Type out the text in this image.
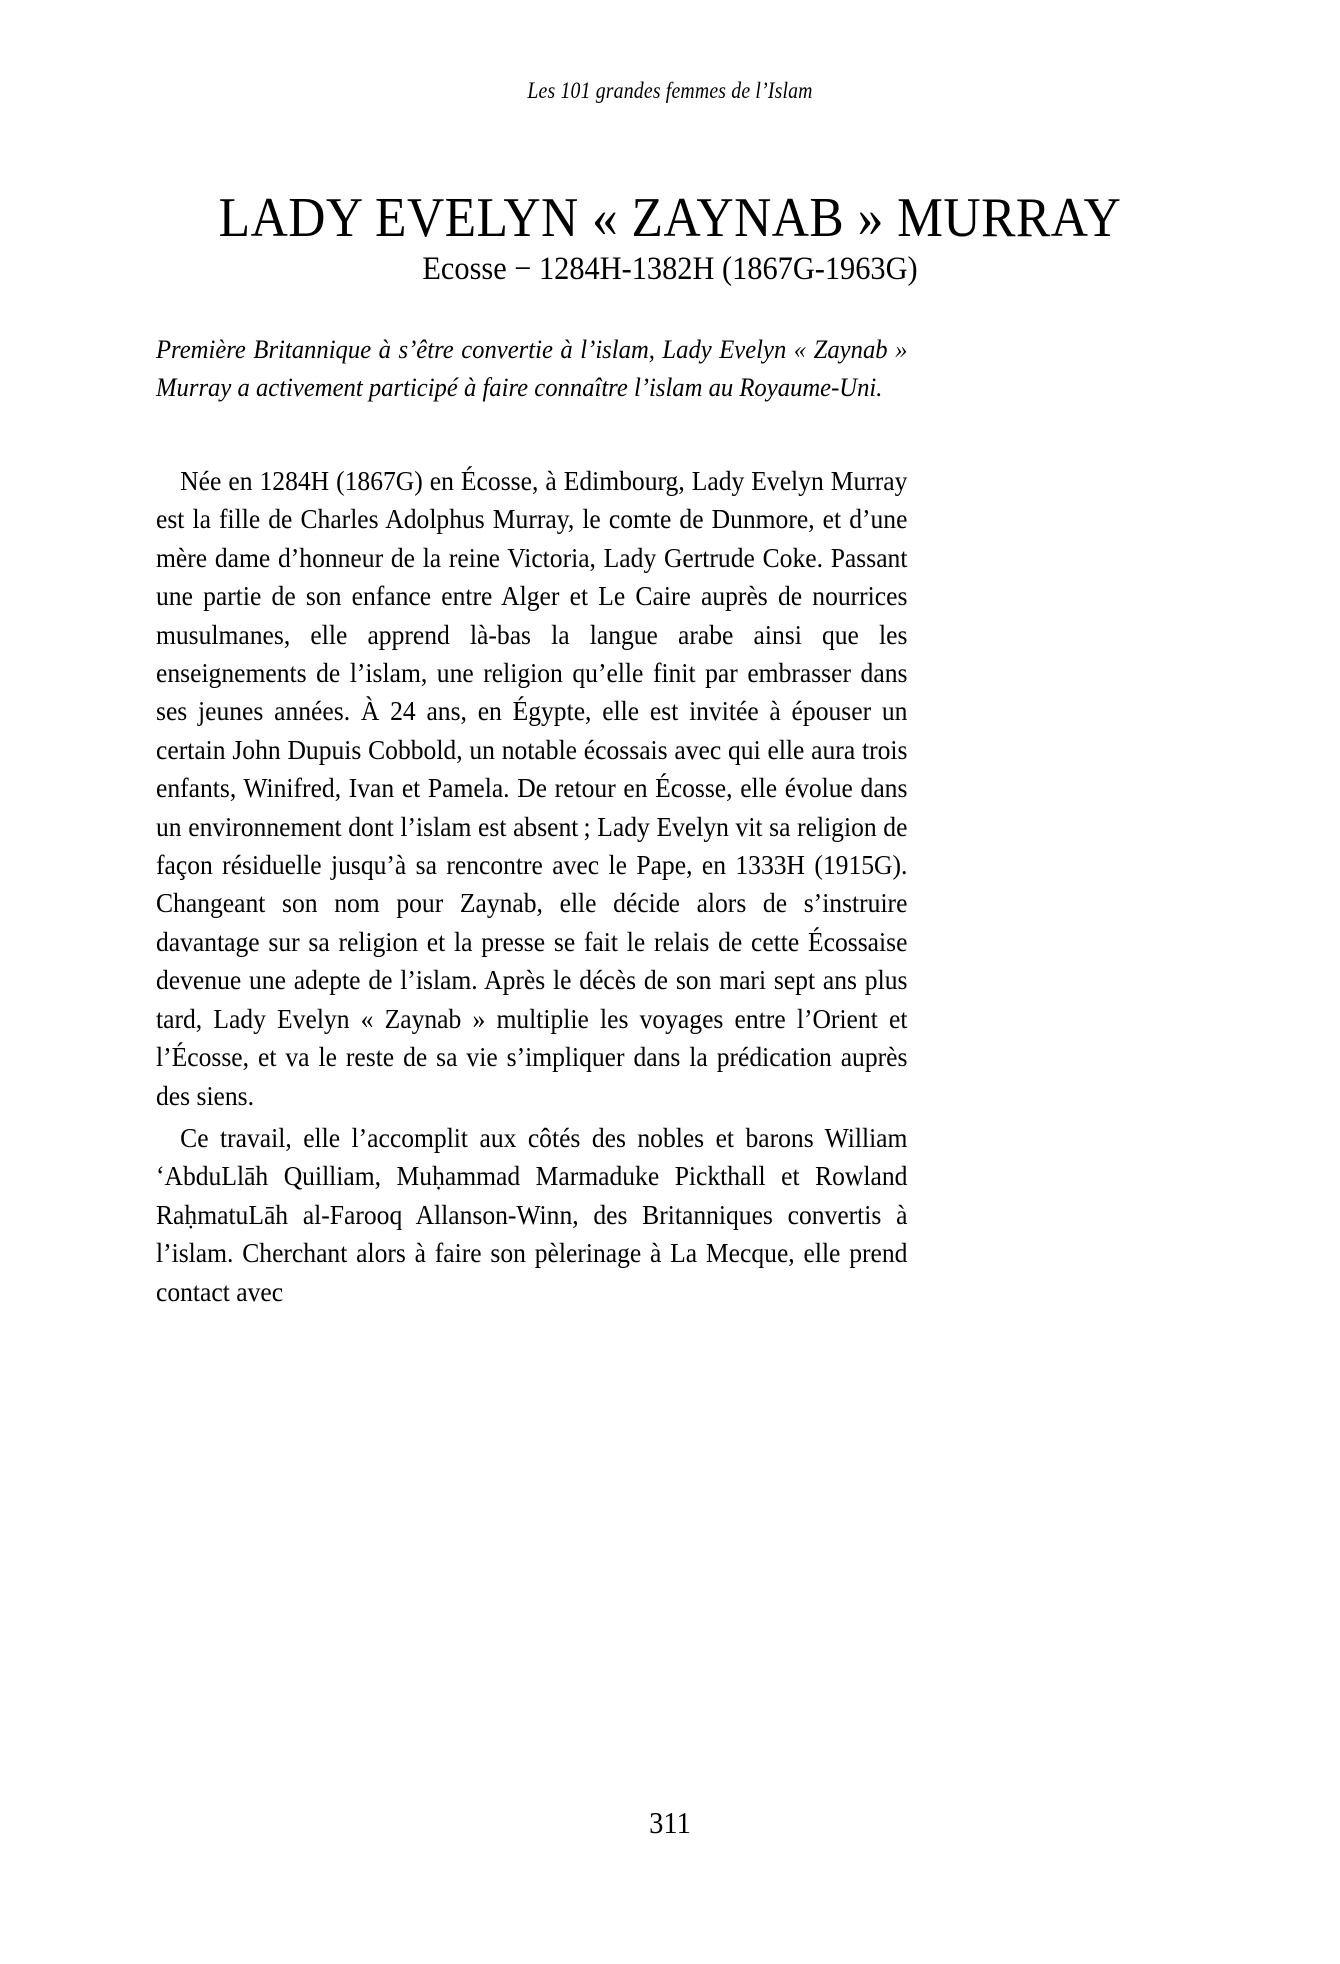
Les 101 grandes femmes de l’Islam
LADY EVELYN « ZAYNAB » MURRAY
Ecosse − 1284H-1382H (1867G-1963G)

Première Britannique à s’être convertie à l’islam, Lady Evelyn « Zaynab » Murray a activement participé à faire connaître l’islam au Royaume-Uni.

Née en 1284H (1867G) en Écosse, à Edimbourg, Lady Evelyn Murray est la fille de Charles Adolphus Murray, le comte de Dunmore, et d’une mère dame d’honneur de la reine Victoria, Lady Gertrude Coke. Passant une partie de son enfance entre Alger et Le Caire auprès de nourrices musulmanes, elle apprend là-bas la langue arabe ainsi que les enseignements de l’islam, une religion qu’elle finit par embrasser dans ses jeunes années. À 24 ans, en Égypte, elle est invitée à épouser un certain John Dupuis Cobbold, un notable écossais avec qui elle aura trois enfants, Winifred, Ivan et Pamela. De retour en Écosse, elle évolue dans un environnement dont l’islam est absent ; Lady Evelyn vit sa religion de façon résiduelle jusqu’à sa rencontre avec le Pape, en 1333H (1915G). Changeant son nom pour Zaynab, elle décide alors de s’instruire davantage sur sa religion et la presse se fait le relais de cette Écossaise devenue une adepte de l’islam. Après le décès de son mari sept ans plus tard, Lady Evelyn « Zaynab » multiplie les voyages entre l’Orient et l’Écosse, et va le reste de sa vie s’impliquer dans la prédication auprès des siens.

Ce travail, elle l’accomplit aux côtés des nobles et barons William ‘AbduLlāh Quilliam, Muḥammad Marmaduke Pickthall et Rowland RaḥmatuLāh al-Farooq Allanson-Winn, des Britanniques convertis à l’islam. Cherchant alors à faire son pèlerinage à La Mecque, elle prend contact avec

311
